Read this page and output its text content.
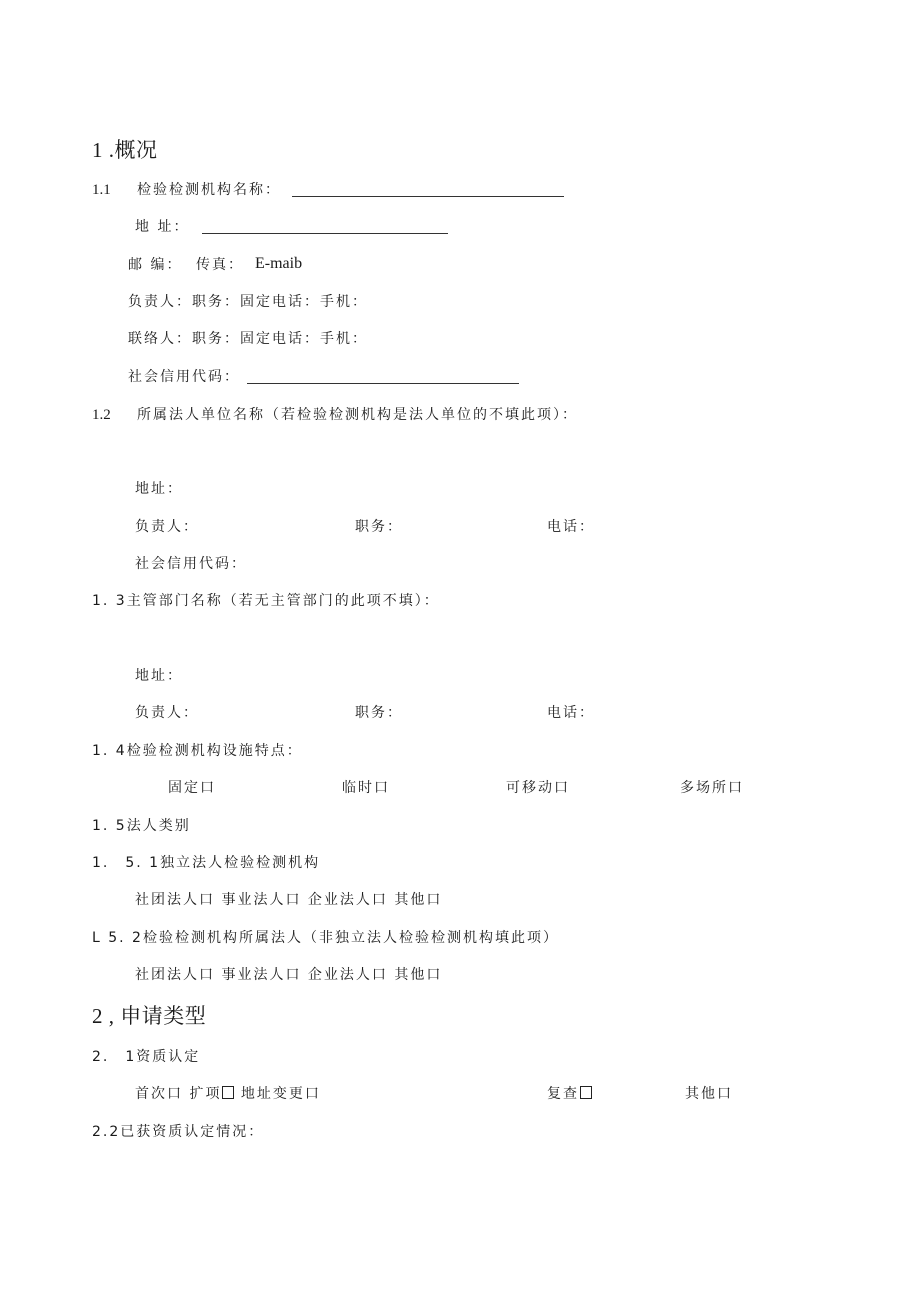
1 .概况
1.1 检验检测机构名称：
地 址：
邮 编： 传真： E-maib
负责人：职务：固定电话：手机：
联络人：职务：固定电话：手机：
社会信用代码：
1.2 所属法人单位名称（若检验检测机构是法人单位的不填此项）：
地址：
负责人：	职务：	电话：
社会信用代码：
1. 3主管部门名称（若无主管部门的此项不填）：
地址：
负责人：	职务：	电话：
1. 4检验检测机构设施特点：
固定口	临时口	可移动口	多场所口
1. 5法人类别
1.　5. 1独立法人检验检测机构
社团法人口 事业法人口 企业法人口 其他口
L 5. 2检验检测机构所属法人（非独立法人检验检测机构填此项）
社团法人口 事业法人口 企业法人口 其他口
2 , 申请类型
2.　1资质认定
首次口 扩项 地址变更口	复查	其他口
2.2已获资质认定情况：
